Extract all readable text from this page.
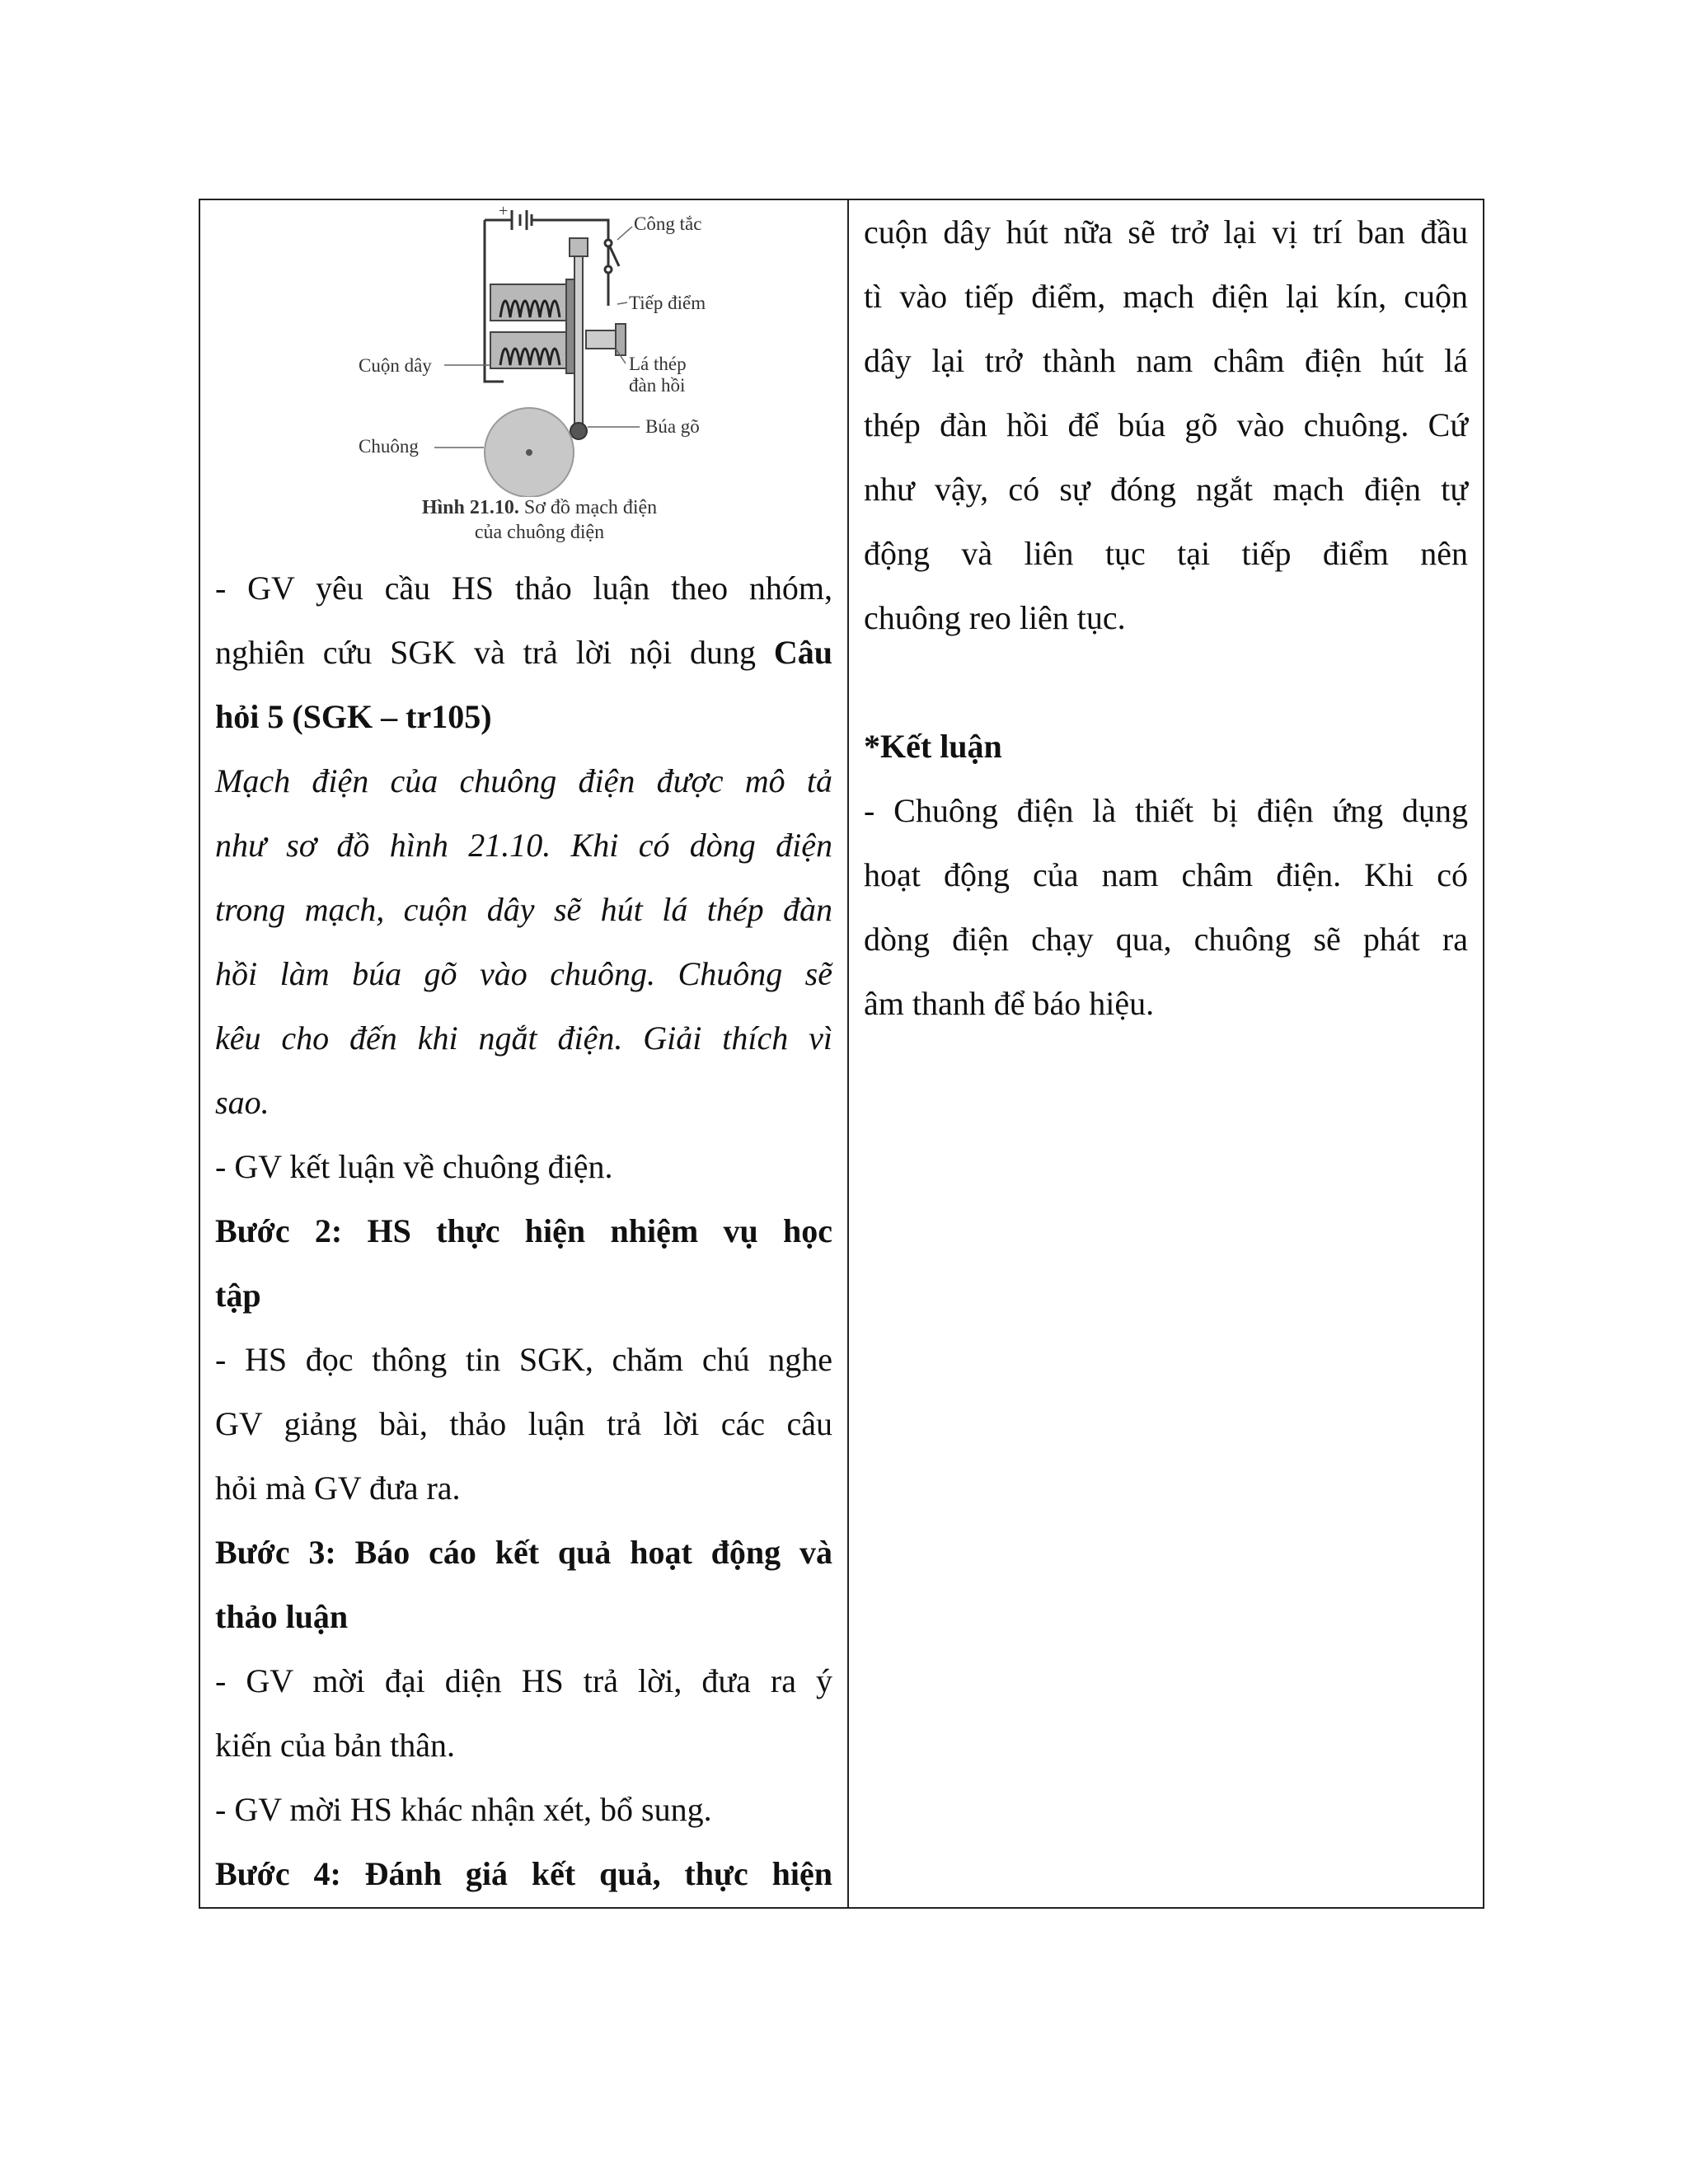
+
Công tắc
Tiếp điểm
Cuộn dây	Lá thép
đàn hồi
Búa gõ
Chuông
Hình 21.10. Sơ đồ mạch điện
của chuông điện

- GV yêu cầu HS thảo luận theo nhóm,

nghiên cứu SGK và trả lời nội dung Câu

hỏi 5 (SGK – tr105)

Mạch điện của chuông điện được mô tả

như sơ đồ hình 21.10. Khi có dòng điện

trong mạch, cuộn dây sẽ hút lá thép đàn

hồi làm búa gõ vào chuông. Chuông sẽ

kêu cho đến khi ngắt điện. Giải thích vì

sao.

- GV kết luận về chuông điện.

Bước 2: HS thực hiện nhiệm vụ học

tập

- HS đọc thông tin SGK, chăm chú nghe

GV giảng bài, thảo luận trả lời các câu

hỏi mà GV đưa ra.

Bước 3: Báo cáo kết quả hoạt động và

thảo luận

- GV mời đại diện HS trả lời, đưa ra ý

kiến của bản thân.

- GV mời HS khác nhận xét, bổ sung.

Bước 4: Đánh giá kết quả, thực hiện

cuộn dây hút nữa sẽ trở lại vị trí ban đầu

tì vào tiếp điểm, mạch điện lại kín, cuộn

dây lại trở thành nam châm điện hút lá

thép đàn hồi để búa gõ vào chuông. Cứ

như vậy, có sự đóng ngắt mạch điện tự

động và liên tục tại tiếp điểm nên

chuông reo liên tục.

*Kết luận

- Chuông điện là thiết bị điện ứng dụng

hoạt động của nam châm điện. Khi có

dòng điện chạy qua, chuông sẽ phát ra

âm thanh để báo hiệu.
